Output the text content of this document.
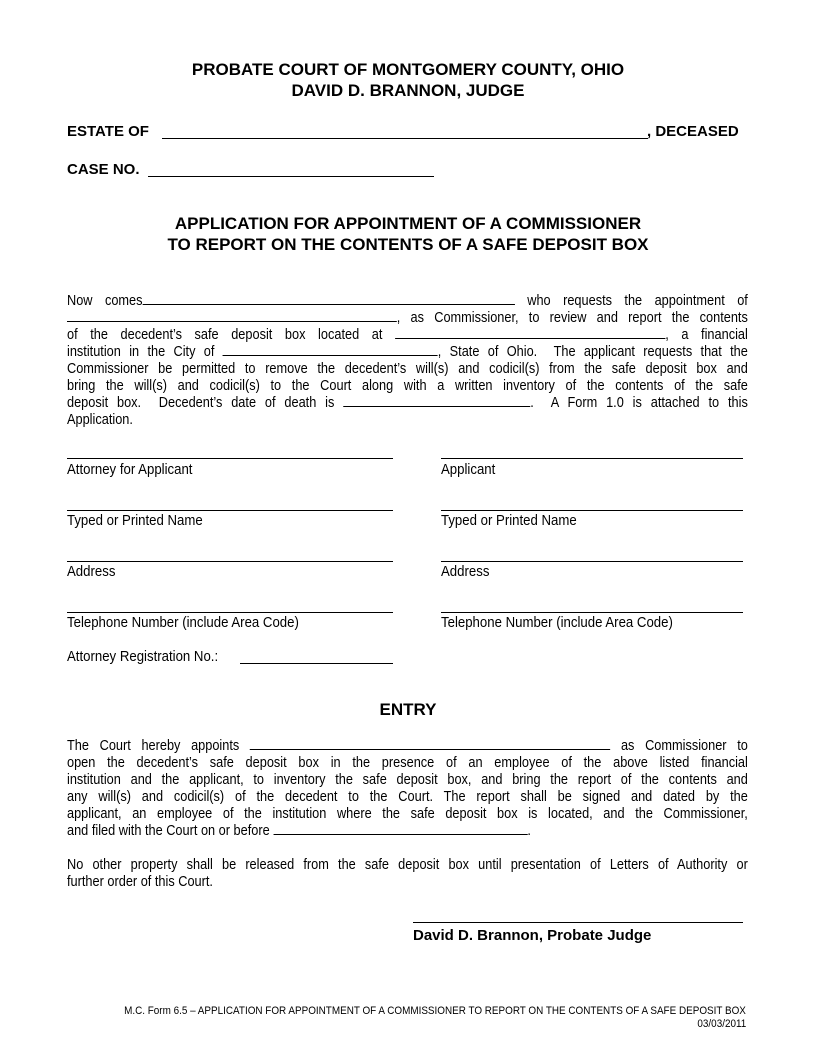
PROBATE COURT OF MONTGOMERY COUNTY, OHIO
DAVID D. BRANNON, JUDGE
ESTATE OF	, DECEASED
CASE NO.
APPLICATION FOR APPOINTMENT OF A COMMISSIONER
TO REPORT ON THE CONTENTS OF A SAFE DEPOSIT BOX
Now comes	who requests the appointment of
, as Commissioner, to review and report the contents
of the decedent’s safe deposit box located at	, a financial
institution in the City of	, State of Ohio.  The applicant requests that the
Commissioner be permitted to remove the decedent’s will(s) and codicil(s) from the safe deposit box and
bring the will(s) and codicil(s) to the Court along with a written inventory of the contents of the safe
deposit box.  Decedent’s date of death is	.  A Form 1.0 is attached to this
Application.
Attorney for Applicant	Applicant
Typed or Printed Name	Typed or Printed Name
Address	Address
Telephone Number (include Area Code)	Telephone Number (include Area Code)
Attorney Registration No.:
ENTRY
The Court hereby appoints	as Commissioner to
open the decedent’s safe deposit box in the presence of an employee of the above listed financial
institution and the applicant, to inventory the safe deposit box, and bring the report of the contents and
any will(s) and codicil(s) of the decedent to the Court. The report shall be signed and dated by the
applicant, an employee of the institution where the safe deposit box is located, and the Commissioner,
and filed with the Court on or before	.
No other property shall be released from the safe deposit box until presentation of Letters of Authority or
further order of this Court.
David D. Brannon, Probate Judge
M.C. Form 6.5 – APPLICATION FOR APPOINTMENT OF A COMMISSIONER TO REPORT ON THE CONTENTS OF A SAFE DEPOSIT BOX
03/03/2011
